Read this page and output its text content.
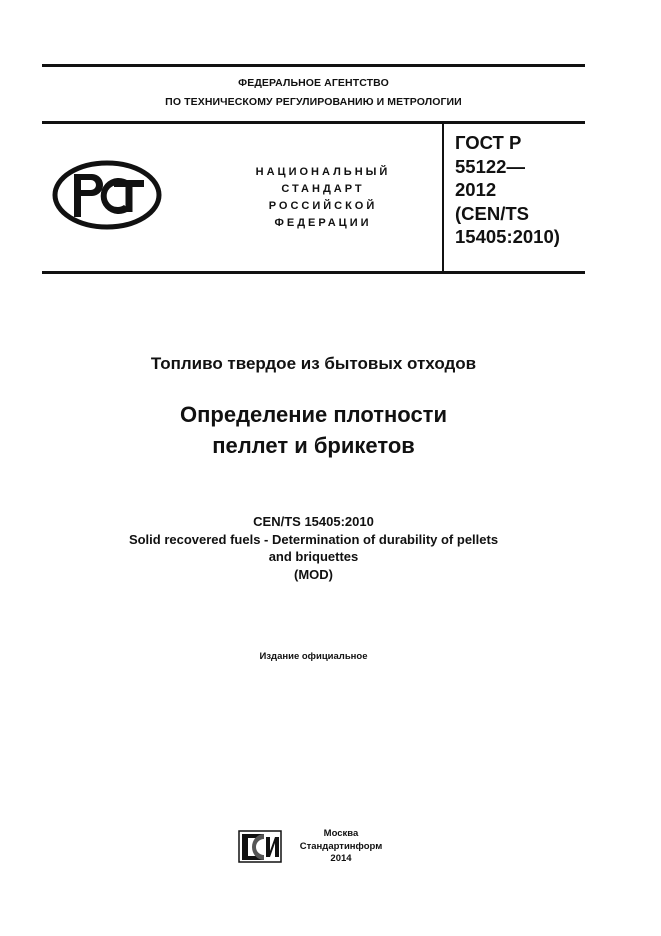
ФЕДЕРАЛЬНОЕ АГЕНТСТВО
ПО ТЕХНИЧЕСКОМУ РЕГУЛИРОВАНИЮ И МЕТРОЛОГИИ
НАЦИОНАЛЬНЫЙ
СТАНДАРТ
РОССИЙСКОЙ
ФЕДЕРАЦИИ
ГОСТ Р
55122—
2012
(CEN/TS
15405:2010)
Топливо твердое из бытовых отходов
Определение плотности
пеллет и брикетов
CEN/TS 15405:2010
Solid recovered fuels - Determination of durability of pellets
and briquettes
(MOD)
Издание официальное
Москва
Стандартинформ
2014
